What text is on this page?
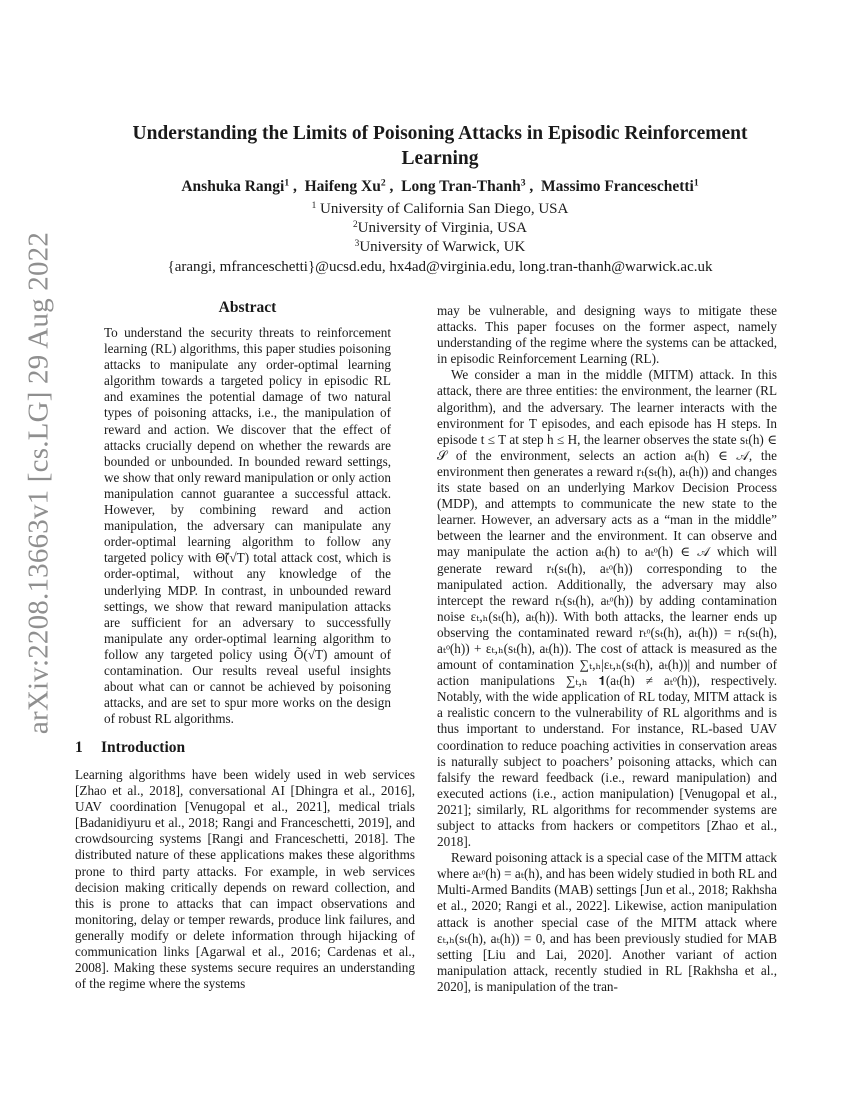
arXiv:2208.13663v1 [cs.LG] 29 Aug 2022
Understanding the Limits of Poisoning Attacks in Episodic Reinforcement Learning
Anshuka Rangi$^1$ ,  Haifeng Xu$^2$ ,  Long Tran-Thanh$^3$ ,  Massimo Franceschetti$^1$
$^1$ University of California San Diego, USA
$^2$University of Virginia, USA
$^3$University of Warwick, UK
{arangi, mfranceschetti}@ucsd.edu, hx4ad@virginia.edu, long.tran-thanh@warwick.ac.uk
Abstract

To understand the security threats to reinforcement learning (RL) algorithms, this paper studies poisoning attacks to manipulate any order-optimal learning algorithm towards a targeted policy in episodic RL and examines the potential damage of two natural types of poisoning attacks, i.e., the manipulation of reward and action. We discover that the effect of attacks crucially depend on whether the rewards are bounded or unbounded. In bounded reward settings, we show that only reward manipulation or only action manipulation cannot guarantee a successful attack. However, by combining reward and action manipulation, the adversary can manipulate any order-optimal learning algorithm to follow any targeted policy with Θ̃(√T) total attack cost, which is order-optimal, without any knowledge of the underlying MDP. In contrast, in unbounded reward settings, we show that reward manipulation attacks are sufficient for an adversary to successfully manipulate any order-optimal learning algorithm to follow any targeted policy using Õ(√T) amount of contamination. Our results reveal useful insights about what can or cannot be achieved by poisoning attacks, and are set to spur more works on the design of robust RL algorithms.

1 Introduction

Learning algorithms have been widely used in web services [Zhao et al., 2018], conversational AI [Dhingra et al., 2016], UAV coordination [Venugopal et al., 2021], medical trials [Badanidiyuru et al., 2018; Rangi and Franceschetti, 2019], and crowdsourcing systems [Rangi and Franceschetti, 2018]. The distributed nature of these applications makes these algorithms prone to third party attacks. For example, in web services decision making critically depends on reward collection, and this is prone to attacks that can impact observations and monitoring, delay or temper rewards, produce link failures, and generally modify or delete information through hijacking of communication links [Agarwal et al., 2016; Cardenas et al., 2008]. Making these systems secure requires an understanding of the regime where the systems

may be vulnerable, and designing ways to mitigate these attacks. This paper focuses on the former aspect, namely understanding of the regime where the systems can be attacked, in episodic Reinforcement Learning (RL).

We consider a man in the middle (MITM) attack. In this attack, there are three entities: the environment, the learner (RL algorithm), and the adversary. The learner interacts with the environment for T episodes, and each episode has H steps. In episode t ≤ T at step h ≤ H, the learner observes the state sₜ(h) ∈ 𝒮 of the environment, selects an action aₜ(h) ∈ 𝒜, the environment then generates a reward rₜ(sₜ(h), aₜ(h)) and changes its state based on an underlying Markov Decision Process (MDP), and attempts to communicate the new state to the learner. However, an adversary acts as a “man in the middle” between the learner and the environment. It can observe and may manipulate the action aₜ(h) to aₜᵒ(h) ∈ 𝒜 which will generate reward rₜ(sₜ(h), aₜᵒ(h)) corresponding to the manipulated action. Additionally, the adversary may also intercept the reward rₜ(sₜ(h), aₜᵒ(h)) by adding contamination noise εₜ,ₕ(sₜ(h), aₜ(h)). With both attacks, the learner ends up observing the contaminated reward rₜᵒ(sₜ(h), aₜ(h)) = rₜ(sₜ(h), aₜᵒ(h)) + εₜ,ₕ(sₜ(h), aₜ(h)). The cost of attack is measured as the amount of contamination ∑ₜ,ₕ|εₜ,ₕ(sₜ(h), aₜ(h))| and number of action manipulations ∑ₜ,ₕ 𝟏(aₜ(h) ≠ aₜᵒ(h)), respectively. Notably, with the wide application of RL today, MITM attack is a realistic concern to the vulnerability of RL algorithms and is thus important to understand. For instance, RL-based UAV coordination to reduce poaching activities in conservation areas is naturally subject to poachers’ poisoning attacks, which can falsify the reward feedback (i.e., reward manipulation) and executed actions (i.e., action manipulation) [Venugopal et al., 2021]; similarly, RL algorithms for recommender systems are subject to attacks from hackers or competitors [Zhao et al., 2018].

Reward poisoning attack is a special case of the MITM attack where aₜᵒ(h) = aₜ(h), and has been widely studied in both RL and Multi-Armed Bandits (MAB) settings [Jun et al., 2018; Rakhsha et al., 2020; Rangi et al., 2022]. Likewise, action manipulation attack is another special case of the MITM attack where εₜ,ₕ(sₜ(h), aₜ(h)) = 0, and has been previously studied for MAB setting [Liu and Lai, 2020]. Another variant of action manipulation attack, recently studied in RL [Rakhsha et al., 2020], is manipulation of the tran-
